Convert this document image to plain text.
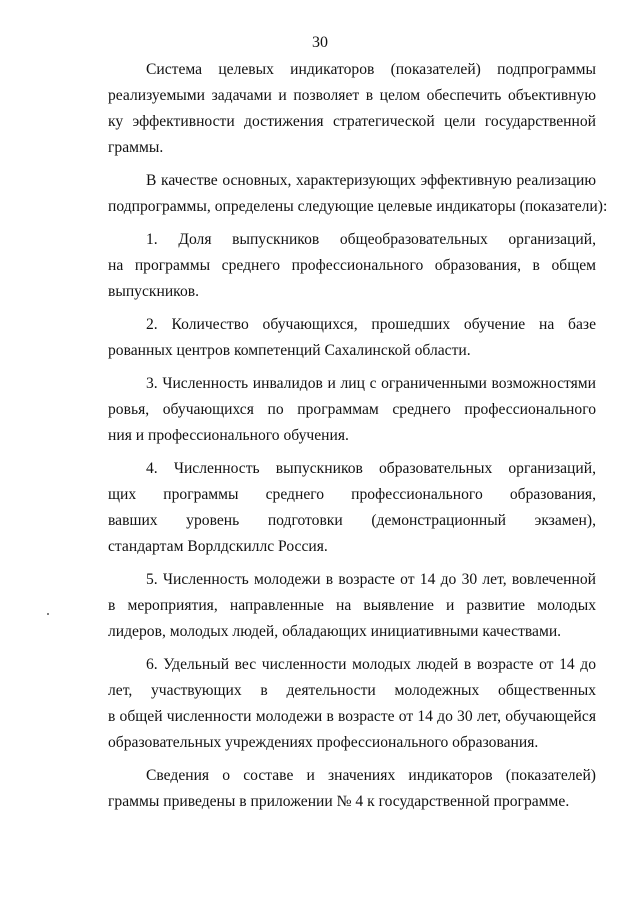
30
Система целевых индикаторов (показателей) подпрограммы
реализуемыми задачами и позволяет в целом обеспечить объективную
ку эффективности достижения стратегической цели государственной
граммы.
В качестве основных, характеризующих эффективную реализацию
подпрограммы, определены следующие целевые индикаторы (показатели):
1. Доля выпускников общеобразовательных организаций,
на программы среднего профессионального образования, в общем
выпускников.
2. Количество обучающихся, прошедших обучение на базе
рованных центров компетенций Сахалинской области.
3. Численность инвалидов и лиц с ограниченными возможностями
ровья, обучающихся по программам среднего профессионального
ния и профессионального обучения.
4. Численность выпускников образовательных организаций,
щих программы среднего профессионального образования,
вавших уровень подготовки (демонстрационный экзамен),
стандартам Ворлдскиллс Россия.
5. Численность молодежи в возрасте от 14 до 30 лет, вовлеченной
в мероприятия, направленные на выявление и развитие молодых
лидеров, молодых людей, обладающих инициативными качествами.
6. Удельный вес численности молодых людей в возрасте от 14 до
лет, участвующих в деятельности молодежных общественных
в общей численности молодежи в возрасте от 14 до 30 лет, обучающейся
образовательных учреждениях профессионального образования.
Сведения о составе и значениях индикаторов (показателей)
граммы приведены в приложении № 4 к государственной программе.
